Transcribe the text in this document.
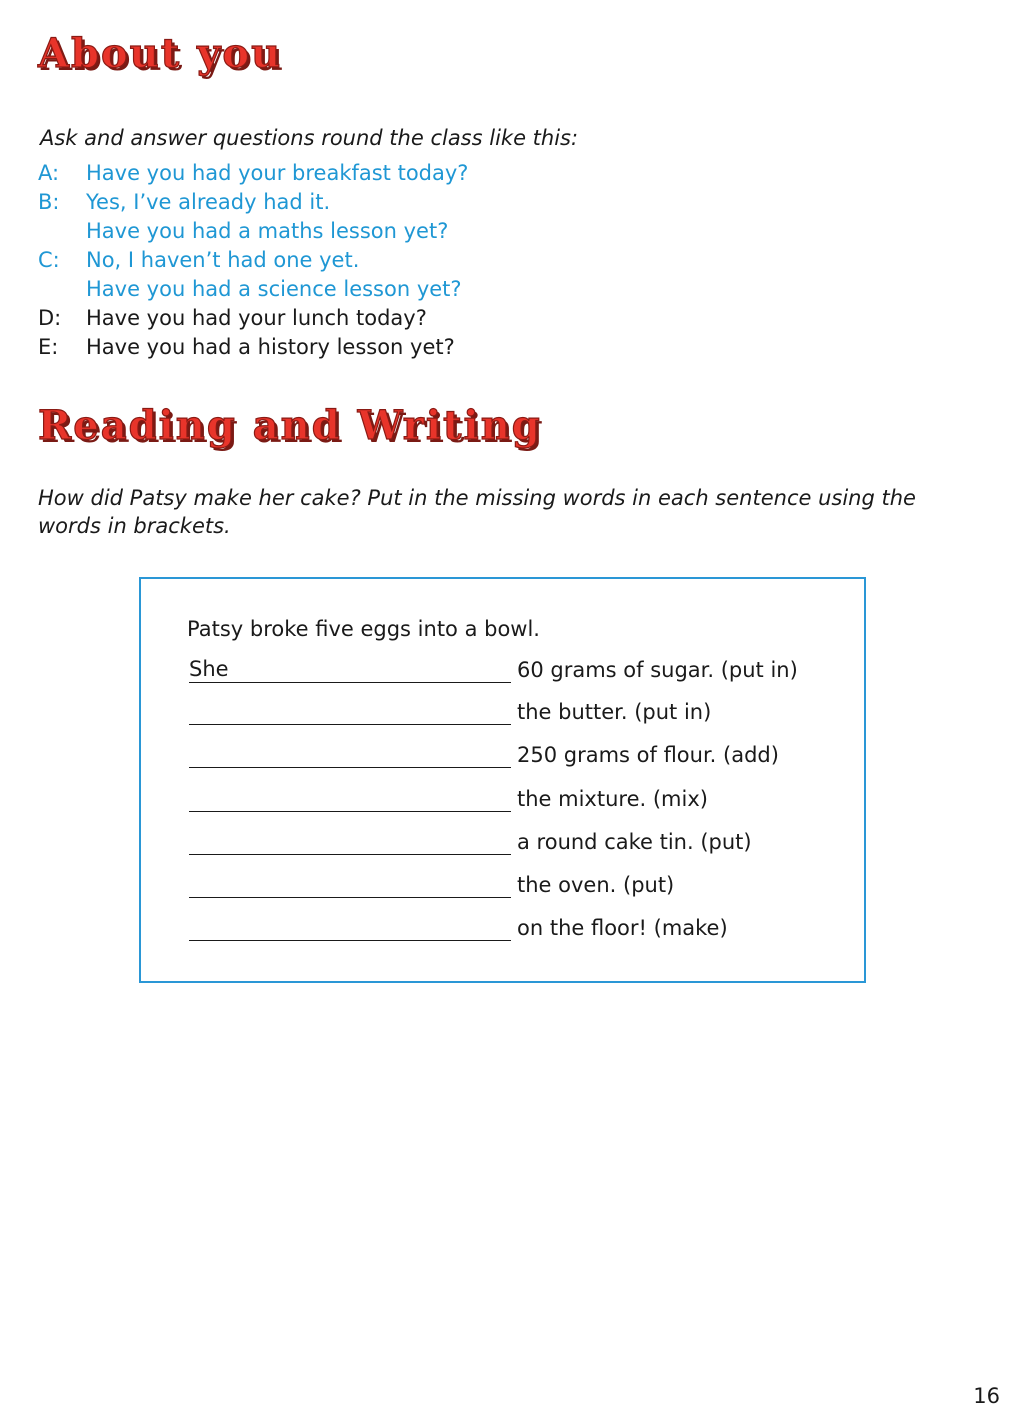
About you

Ask and answer questions round the class like this:

A:	Have you had your breakfast today?
B:	Yes, I’ve already had it.
Have you had a maths lesson yet?
C:	No, I haven’t had one yet.
Have you had a science lesson yet?
D:	Have you had your lunch today?
E:	Have you had a history lesson yet?
Reading and Writing

How did Patsy make her cake? Put in the missing words in each sentence using the words in brackets.

Patsy broke five eggs into a bowl.
She	60 grams of sugar. (put in)
the butter. (put in)
250 grams of flour. (add)
the mixture. (mix)
a round cake tin. (put)
the oven. (put)
on the floor! (make)
16
